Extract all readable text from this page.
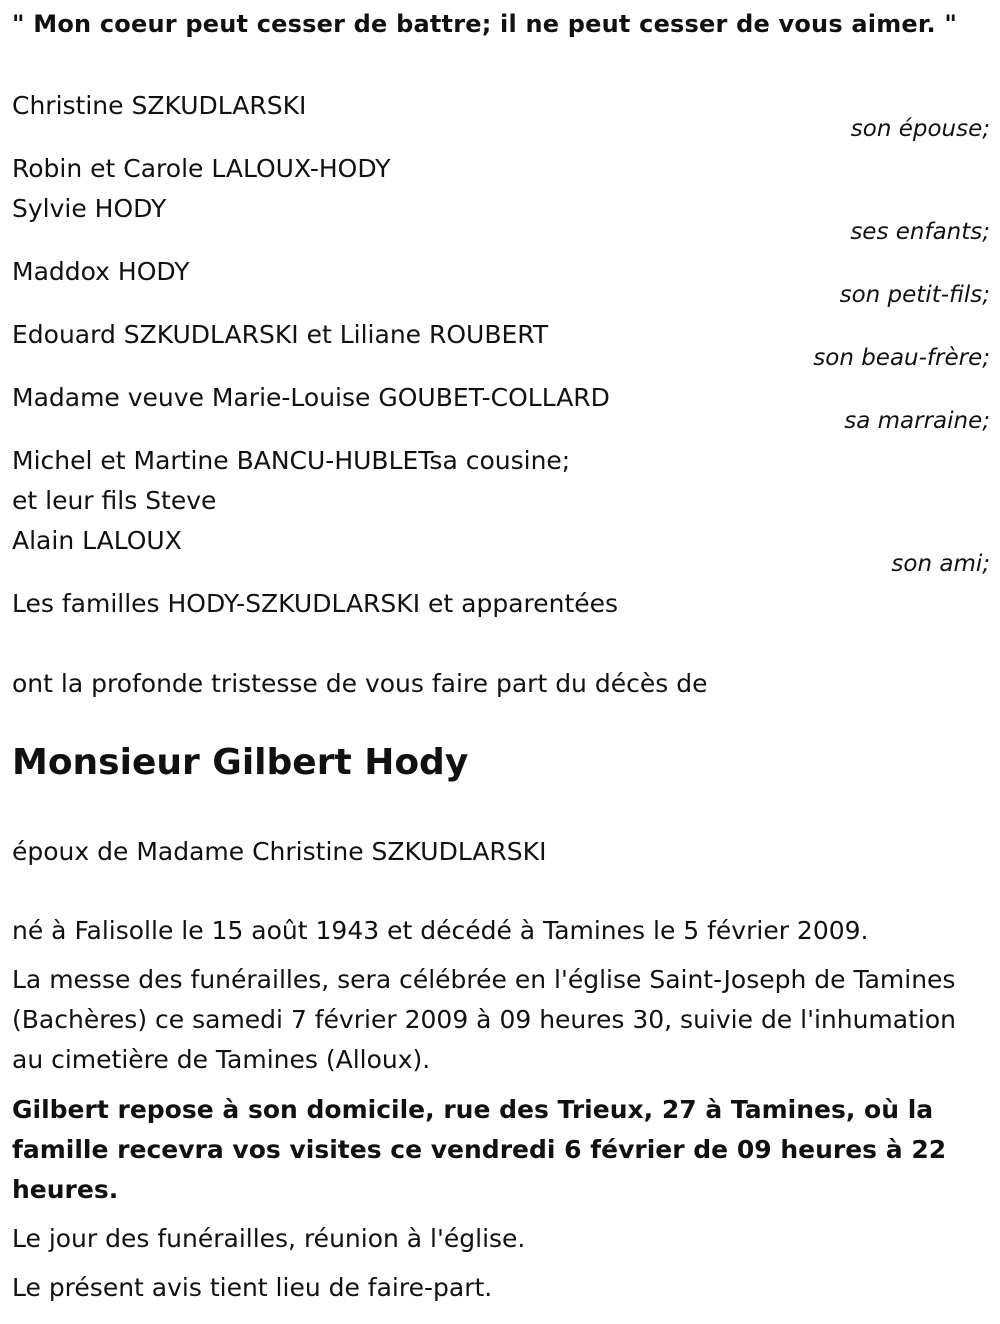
" Mon coeur peut cesser de battre; il ne peut cesser de vous aimer. "
Christine SZKUDLARSKI
son épouse;
Robin et Carole LALOUX-HODY
Sylvie HODY
ses enfants;
Maddox HODY
son petit-fils;
Edouard SZKUDLARSKI et Liliane ROUBERT
son beau-frère;
Madame veuve Marie-Louise GOUBET-COLLARD
sa marraine;
Michel et Martine BANCU-HUBLETsa cousine;
et leur fils Steve
Alain LALOUX
son ami;
Les familles HODY-SZKUDLARSKI et apparentées
ont la profonde tristesse de vous faire part du décès de
Monsieur Gilbert Hody
époux de Madame Christine SZKUDLARSKI
né à Falisolle le 15 août 1943 et décédé à Tamines le 5 février 2009.
La messe des funérailles, sera célébrée en l'église Saint-Joseph de Tamines (Bachères) ce samedi 7 février 2009 à 09 heures 30, suivie de l'inhumation au cimetière de Tamines (Alloux).
Gilbert repose à son domicile, rue des Trieux, 27 à Tamines, où la famille recevra vos visites ce vendredi 6 février de 09 heures à 22 heures.
Le jour des funérailles, réunion à l'église.
Le présent avis tient lieu de faire-part.
